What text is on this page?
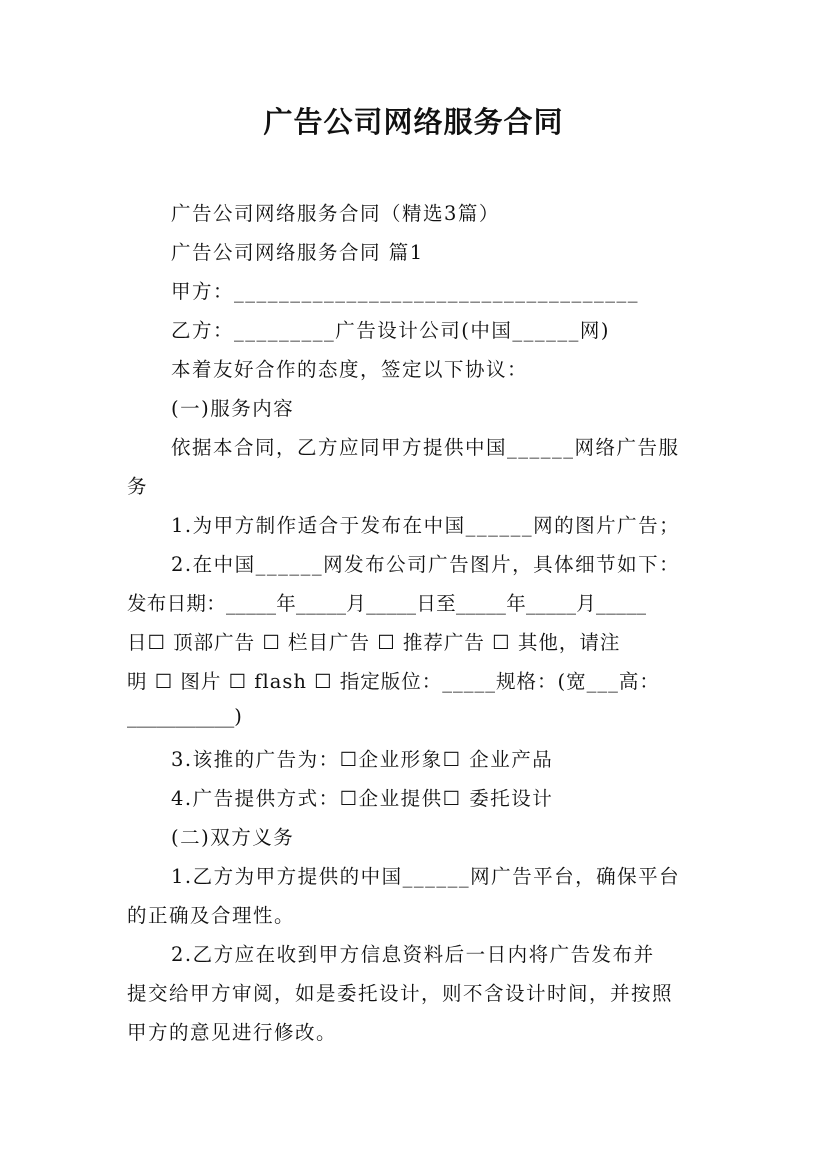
广告公司网络服务合同
广告公司网络服务合同（精选3篇）
广告公司网络服务合同 篇1
甲方：____________________________________
乙方：_________广告设计公司(中国______网)
本着友好合作的态度，签定以下协议：
(一)服务内容
依据本合同，乙方应同甲方提供中国______网络广告服
务
1.为甲方制作适合于发布在中国______网的图片广告；
2.在中国______网发布公司广告图片，具体细节如下：
发布日期：_____年_____月_____日至_____年_____月_____
日☐ 顶部广告 ☐ 栏目广告 ☐ 推荐广告 ☐ 其他，请注
明 ☐ 图片 ☐ flash ☐ 指定版位：_____规格：(宽___高：
___________)
3.该推的广告为：☐企业形象☐ 企业产品
4.广告提供方式：☐企业提供☐ 委托设计
(二)双方义务
1.乙方为甲方提供的中国______网广告平台，确保平台
的正确及合理性。
2.乙方应在收到甲方信息资料后一日内将广告发布并
提交给甲方审阅，如是委托设计，则不含设计时间，并按照
甲方的意见进行修改。
